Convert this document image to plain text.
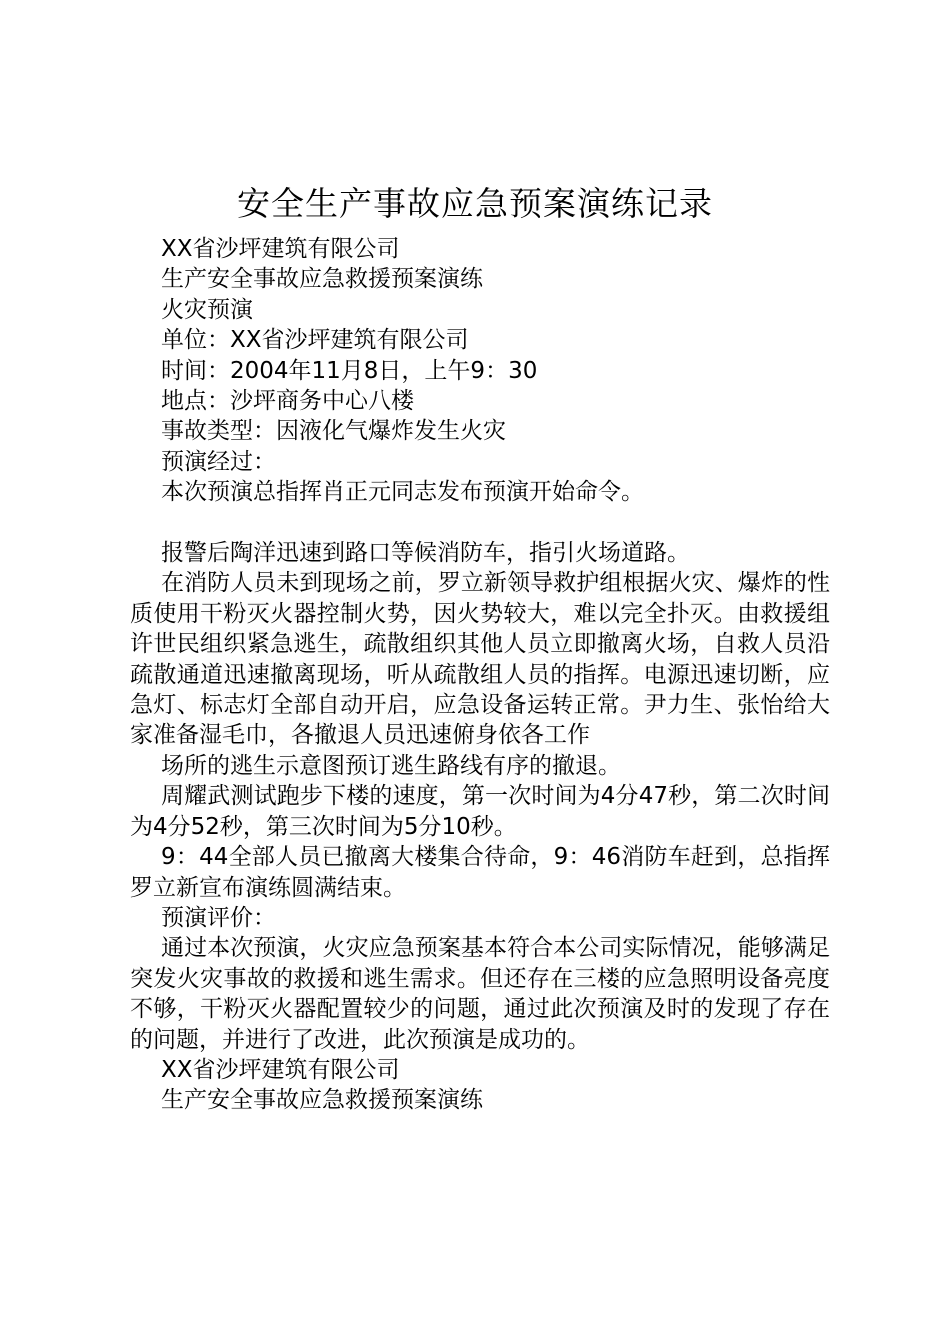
安全生产事故应急预案演练记录

XX省沙坪建筑有限公司

生产安全事故应急救援预案演练

火灾预演

单位：XX省沙坪建筑有限公司

时间：2004年11月8日，上午9：30

地点：沙坪商务中心八楼

事故类型：因液化气爆炸发生火灾

预演经过：

本次预演总指挥肖正元同志发布预演开始命令。

报警后陶洋迅速到路口等候消防车，指引火场道路。

在消防人员未到现场之前，罗立新领导救护组根据火灾、爆炸的性质使用干粉灭火器控制火势，因火势较大，难以完全扑灭。由救援组许世民组织紧急逃生，疏散组织其他人员立即撤离火场，自救人员沿疏散通道迅速撤离现场，听从疏散组人员的指挥。电源迅速切断，应急灯、标志灯全部自动开启，应急设备运转正常。尹力生、张怡给大家准备湿毛巾，各撤退人员迅速俯身依各工作

场所的逃生示意图预订逃生路线有序的撤退。

周耀武测试跑步下楼的速度，第一次时间为4分47秒，第二次时间为4分52秒，第三次时间为5分10秒。

9：44全部人员已撤离大楼集合待命，9：46消防车赶到，总指挥罗立新宣布演练圆满结束。

预演评价：

通过本次预演，火灾应急预案基本符合本公司实际情况，能够满足突发火灾事故的救援和逃生需求。但还存在三楼的应急照明设备亮度不够，干粉灭火器配置较少的问题，通过此次预演及时的发现了存在的问题，并进行了改进，此次预演是成功的。

XX省沙坪建筑有限公司

生产安全事故应急救援预案演练
